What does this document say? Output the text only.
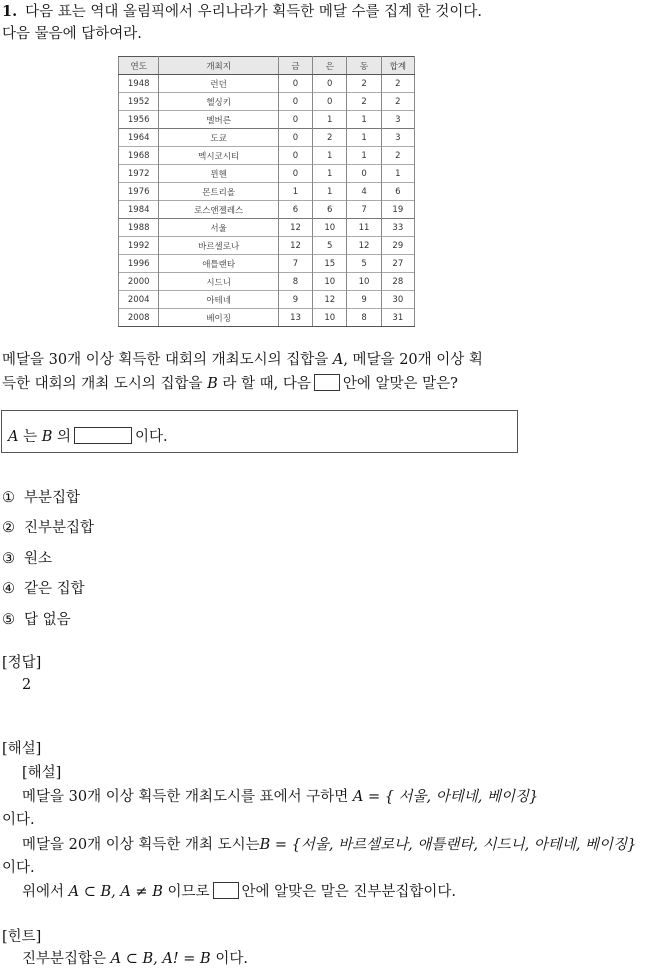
1. 다음 표는 역대 올림픽에서 우리나라가 획득한 메달 수를 집계 한 것이다.
다음 물음에 답하여라.
연도	개최지	금	은	동	합계
1948	런던	0	0	2	2
1952	헬싱키	0	0	2	2
1956	멜버른	0	1	1	3
1964	도쿄	0	2	1	3
1968	멕시코시티	0	1	1	2
1972	뮌헨	0	1	0	1
1976	몬트리올	1	1	4	6
1984	로스앤젤레스	6	6	7	19
1988	서울	12	10	11	33
1992	바르셀로나	12	5	12	29
1996	애틀랜타	7	15	5	27
2000	시드니	8	10	10	28
2004	아테네	9	12	9	30
2008	베이징	13	10	8	31
메달을 30개 이상 획득한 대회의 개최도시의 집합을 A, 메달을 20개 이상 획
득한 대회의 개최 도시의 집합을 B 라 할 때, 다음 안에 알맞은 말은?
A 는 B 의	이다.
① 부분집합
② 진부분집합
③ 원소
④ 같은 집합
⑤ 답 없음
[정답]
2
[해설]
[해설]
메달을 30개 이상 획득한 개최도시를 표에서 구하면 A = { 서울, 아테네, 베이징}
이다.
메달을 20개 이상 획득한 개최 도시는B = {서울, 바르셀로나, 애틀랜타, 시드니, 아테네, 베이징}
이다.
위에서 A ⊂ B, A ≠ B 이므로 안에 알맞은 말은 진부분집합이다.
[힌트]
진부분집합은 A ⊂ B, A! = B 이다.
